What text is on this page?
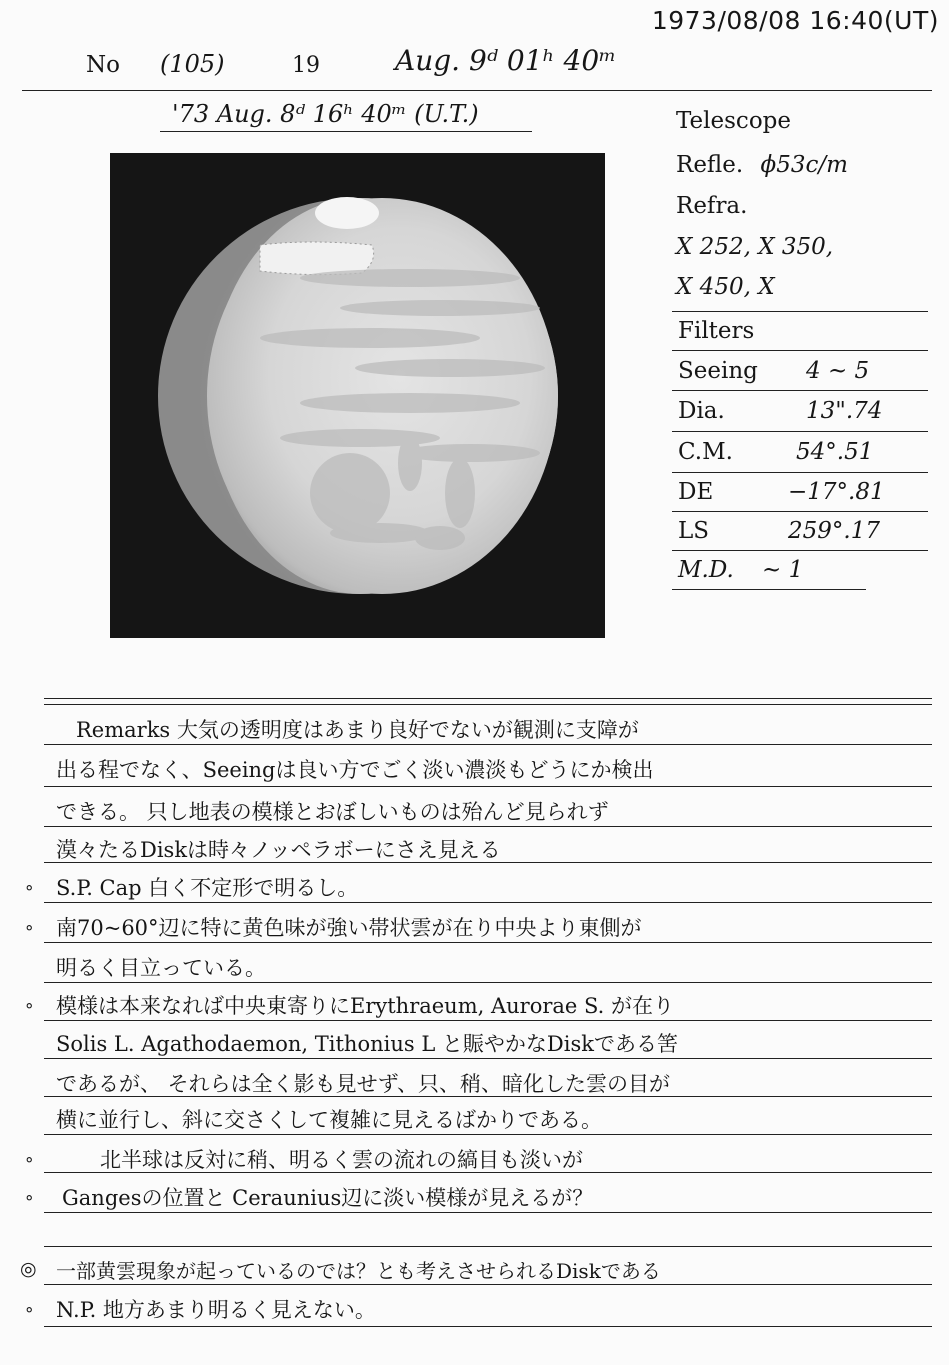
1973/08/08 16:40(UT)
No (105)	19	Aug. 9ᵈ 01ʰ 40ᵐ
'73 Aug. 8ᵈ 16ʰ 40ᵐ (U.T.)	Telescope
Refle. ϕ53c/m
Refra.
X 252, X 350,
X 450, X
Filters
Seeing 4 ~ 5
Dia.	13".74
C.M.	54°.51
DE	−17°.81
LS	259°.17
M.D. ~ 1
Remarks 大気の透明度はあまり良好でないが観測に支障が
出る程でなく、Seeingは良い方でごく淡い濃淡もどうにか検出
できる。 只し地表の模様とおぼしいものは殆んど見られず
漠々たるDiskは時々ノッペラボーにさえ見える
∘ S.P. Cap 白く不定形で明るし。
∘ 南70~60°辺に特に黄色味が強い帯状雲が在り中央より東側が
明るく目立っている。
∘ 模様は本来なれば中央東寄りにErythraeum, Aurorae S. が在り
Solis L. Agathodaemon, Tithonius L と賑やかなDiskである筈
であるが、 それらは全く影も見せず、只、稍、暗化した雲の目が
横に並行し、斜に交さくして複雑に見えるばかりである。
∘	北半球は反対に稍、明るく雲の流れの縞目も淡いが
∘ Gangesの位置と Ceraunius辺に淡い模様が見えるが？
◎ 一部黄雲現象が起っているのでは？とも考えさせられるDiskである
∘ N.P. 地方あまり明るく見えない。
